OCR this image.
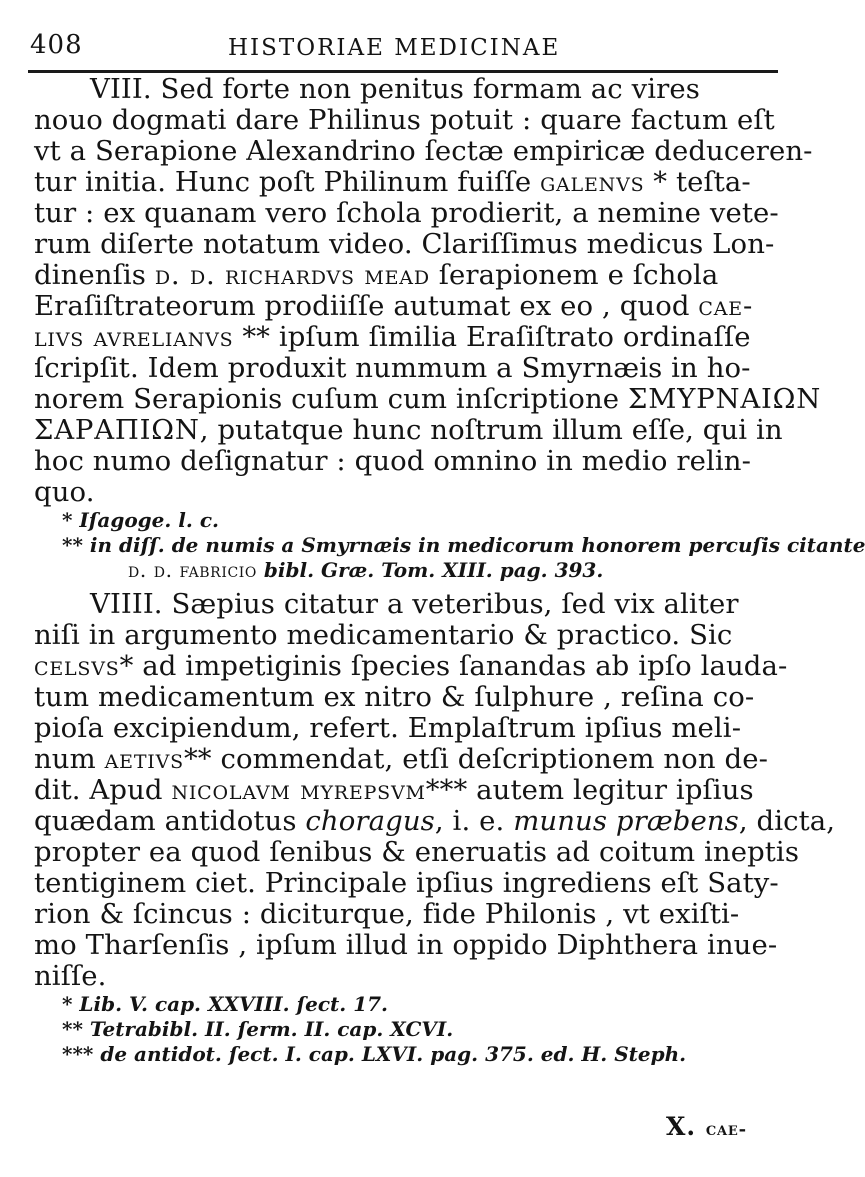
408	HISTORIAE MEDICINAE
VIII. Sed forte non penitus formam ac vires
nouo dogmati dare Philinus potuit : quare factum eſt
vt a Serapione Alexandrino ſectæ empiricæ deduceren-
tur initia. Hunc poſt Philinum fuiſſe galenvs * teſta-
tur : ex quanam vero ſchola prodierit, a nemine vete-
rum diſerte notatum video. Clariſſimus medicus Lon-
dinenſis d. d. richardvs mead ſerapionem e ſchola
Eraſiſtrateorum prodiiſſe autumat ex eo , quod cae-
livs avrelianvs ** ipſum ſimilia Eraſiſtrato ordinaſſe
ſcripſit. Idem produxit nummum a Smyrnæis in ho-
norem Serapionis cuſum cum inſcriptione ΣΜΥΡΝΑΙΩΝ
ΣΑΡΑΠΙΩΝ, putatque hunc noſtrum illum eſſe, qui in
hoc numo deſignatur : quod omnino in medio relin-
quo.
* Iſagoge. l. c.
** in diſſ. de numis a Smyrnæis in medicorum honorem percuſis citante
d. d. fabricio bibl. Græ. Tom. XIII. pag. 393.
VIIII. Sæpius citatur a veteribus, ſed vix aliter
niſi in argumento medicamentario & practico. Sic
celsvs* ad impetiginis ſpecies ſanandas ab ipſo lauda-
tum medicamentum ex nitro & ſulphure , reſina co-
pioſa excipiendum, refert. Emplaſtrum ipſius meli-
num aetivs** commendat, etſi deſcriptionem non de-
dit. Apud nicolavm myrepsvm*** autem legitur ipſius
quædam antidotus choragus, i. e. munus præbens, dicta,
propter ea quod ſenibus & eneruatis ad coitum ineptis
tentiginem ciet. Principale ipſius ingrediens eſt Saty-
rion & ſcincus : diciturque, fide Philonis , vt exiſti-
mo Tharſenſis , ipſum illud in oppido Diphthera inue-
niſſe.
* Lib. V. cap. XXVIII. ſect. 17.
** Tetrabibl. II. ſerm. II. cap. XCVI.
*** de antidot. ſect. I. cap. LXVI. pag. 375. ed. H. Steph.
X. cae-
